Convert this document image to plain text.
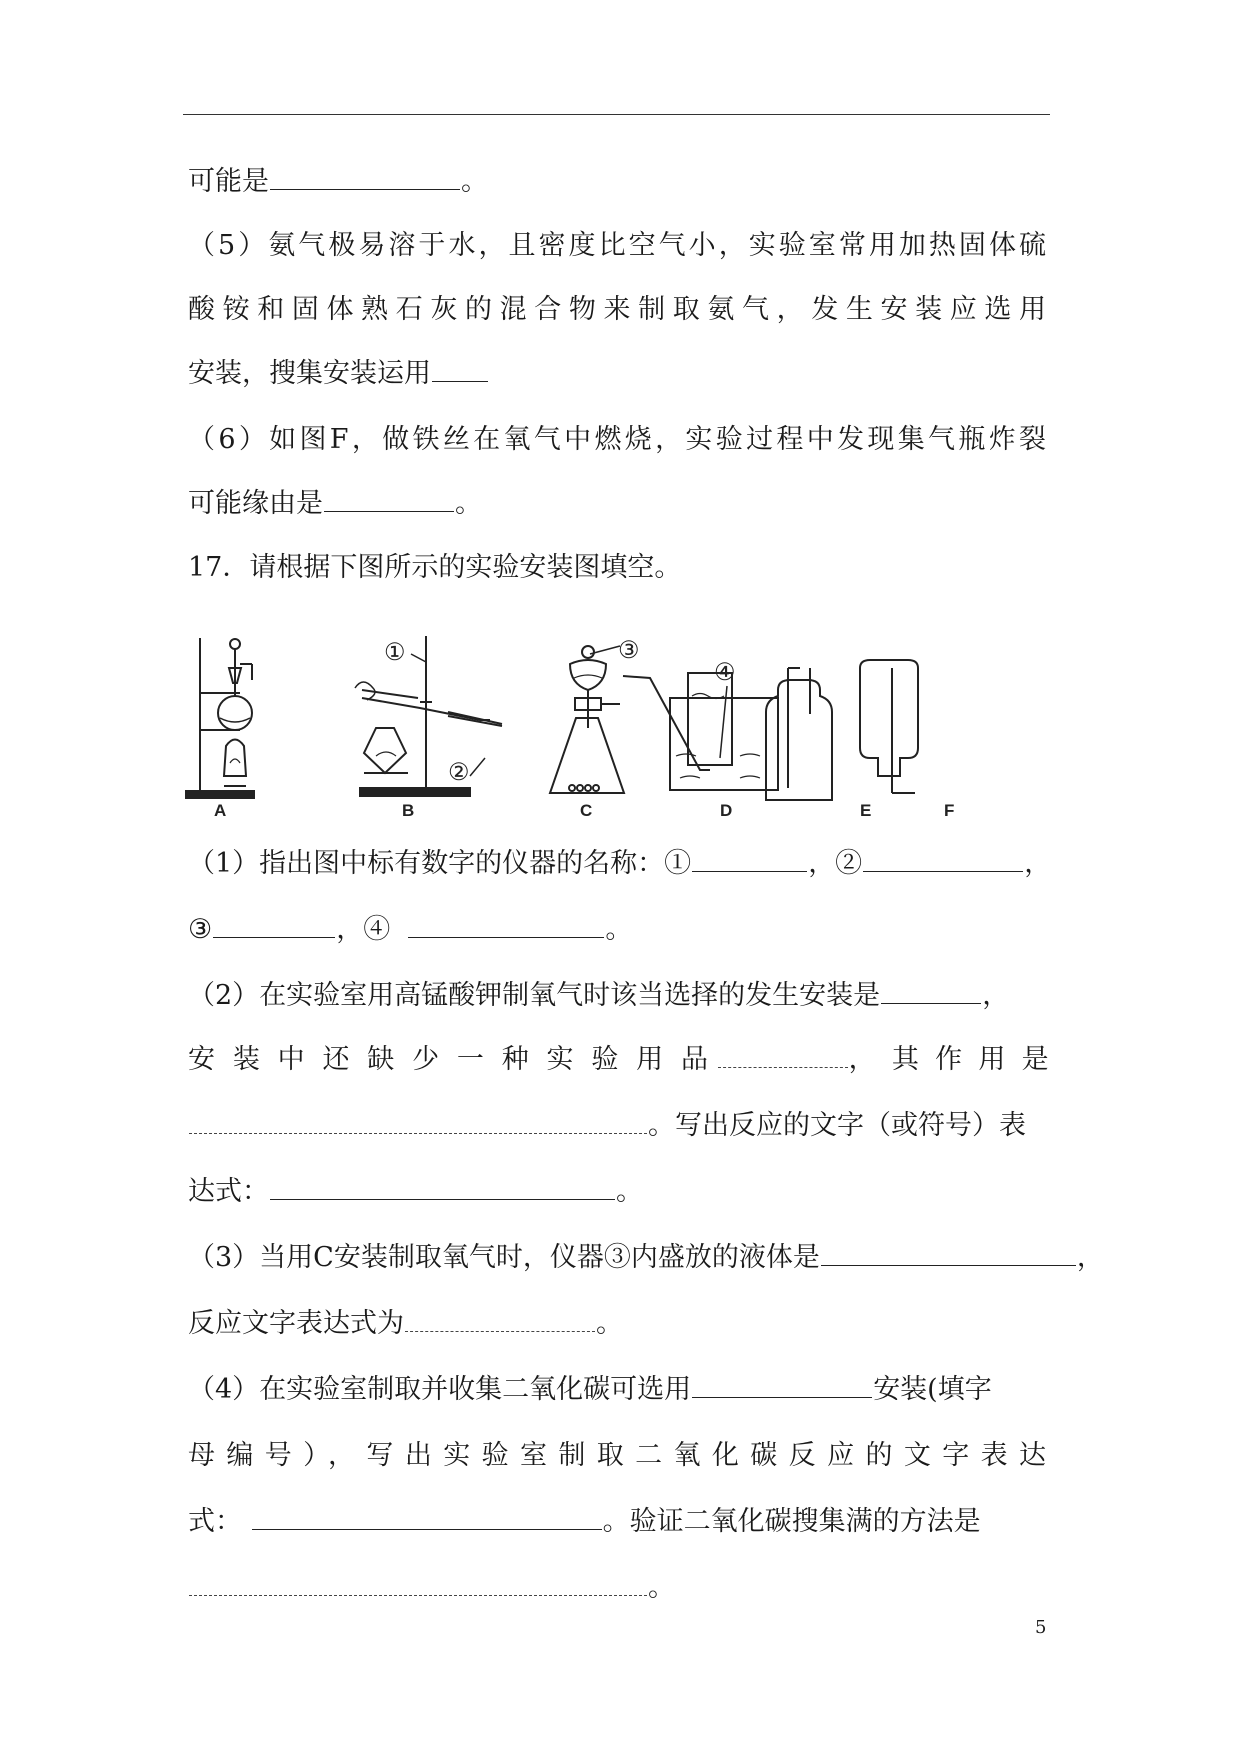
可能是	。
（5）氨气极易溶于水，且密度比空气小，实验室常用加热固体硫
酸铵和固体熟石灰的混合物来制取氨气，发生安装应选用
安装，搜集安装运用
（6）如图F，做铁丝在氧气中燃烧，实验过程中发现集气瓶炸裂
可能缘由是	。
17．请根据下图所示的实验安装图填空。
①
②
③
④
A	B	C	D	E	F
（1）指出图中标有数字的仪器的名称：①	，②	，
③	，④	。
（2）在实验室用高锰酸钾制氧气时该当选择的发生安装是	，
安装中还缺少一种实验用品	，其作用是
。写出反应的文字（或符号）表
达式：	。
（3）当用C安装制取氧气时，仪器③内盛放的液体是	，
反应文字表达式为	。
（4）在实验室制取并收集二氧化碳可选用	安装(填字
母编号），写出实验室制取二氧化碳反应的文字表达
式：	。验证二氧化碳搜集满的方法是
。
5
